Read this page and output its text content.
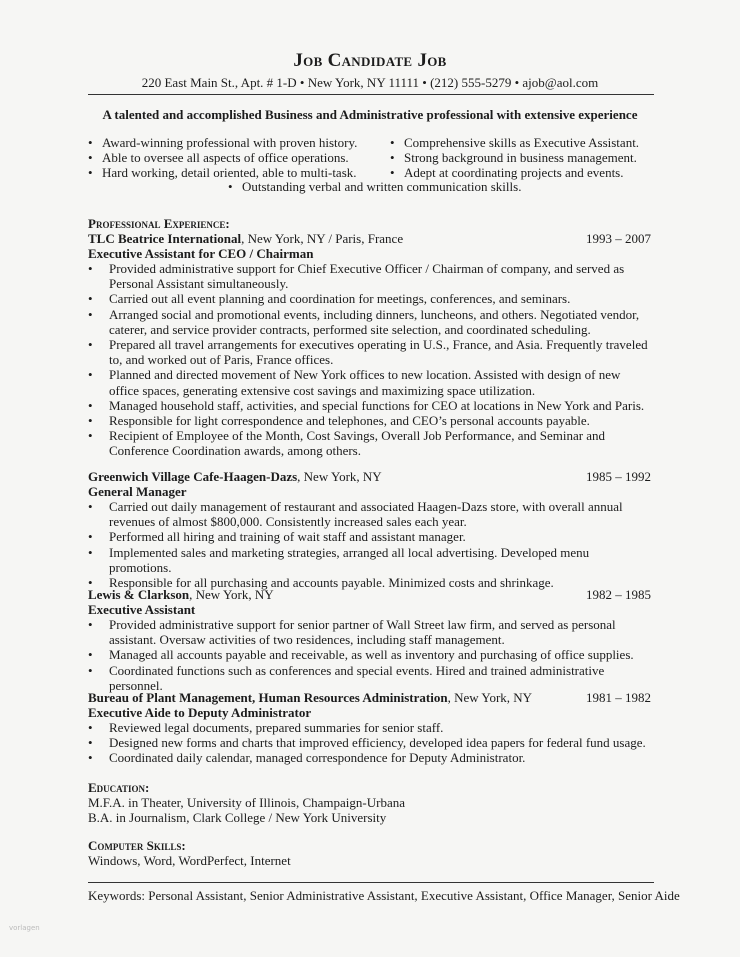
Job Candidate Job
220 East Main St., Apt. # 1-D • New York, NY 11111 • (212) 555-5279 • ajob@aol.com
A talented and accomplished Business and Administrative professional with extensive experience
• Award-winning professional with proven history.
• Able to oversee all aspects of office operations.
• Hard working, detail oriented, able to multi-task.
• Comprehensive skills as Executive Assistant.
• Strong background in business management.
• Adept at coordinating projects and events.
• Outstanding verbal and written communication skills.
Professional Experience:
TLC Beatrice International, New York, NY / Paris, France	1993 – 2007
Executive Assistant for CEO / Chairman
• Provided administrative support for Chief Executive Officer / Chairman of company, and served as Personal Assistant simultaneously.
• Carried out all event planning and coordination for meetings, conferences, and seminars.
• Arranged social and promotional events, including dinners, luncheons, and others. Negotiated vendor, caterer, and service provider contracts, performed site selection, and coordinated scheduling.
• Prepared all travel arrangements for executives operating in U.S., France, and Asia. Frequently traveled to, and worked out of Paris, France offices.
• Planned and directed movement of New York offices to new location. Assisted with design of new office spaces, generating extensive cost savings and maximizing space utilization.
• Managed household staff, activities, and special functions for CEO at locations in New York and Paris.
• Responsible for light correspondence and telephones, and CEO’s personal accounts payable.
• Recipient of Employee of the Month, Cost Savings, Overall Job Performance, and Seminar and Conference Coordination awards, among others.
Greenwich Village Cafe-Haagen-Dazs, New York, NY	1985 – 1992
General Manager
• Carried out daily management of restaurant and associated Haagen-Dazs store, with overall annual revenues of almost $800,000. Consistently increased sales each year.
• Performed all hiring and training of wait staff and assistant manager.
• Implemented sales and marketing strategies, arranged all local advertising. Developed menu promotions.
• Responsible for all purchasing and accounts payable. Minimized costs and shrinkage.
Lewis & Clarkson, New York, NY	1982 – 1985
Executive Assistant
• Provided administrative support for senior partner of Wall Street law firm, and served as personal assistant. Oversaw activities of two residences, including staff management.
• Managed all accounts payable and receivable, as well as inventory and purchasing of office supplies.
• Coordinated functions such as conferences and special events. Hired and trained administrative personnel.
Bureau of Plant Management, Human Resources Administration, New York, NY	1981 – 1982
Executive Aide to Deputy Administrator
• Reviewed legal documents, prepared summaries for senior staff.
• Designed new forms and charts that improved efficiency, developed idea papers for federal fund usage.
• Coordinated daily calendar, managed correspondence for Deputy Administrator.
Education:
M.F.A. in Theater, University of Illinois, Champaign-Urbana
B.A. in Journalism, Clark College / New York University
Computer Skills:
Windows, Word, WordPerfect, Internet
Keywords: Personal Assistant, Senior Administrative Assistant, Executive Assistant, Office Manager, Senior Aide
vorlagen
